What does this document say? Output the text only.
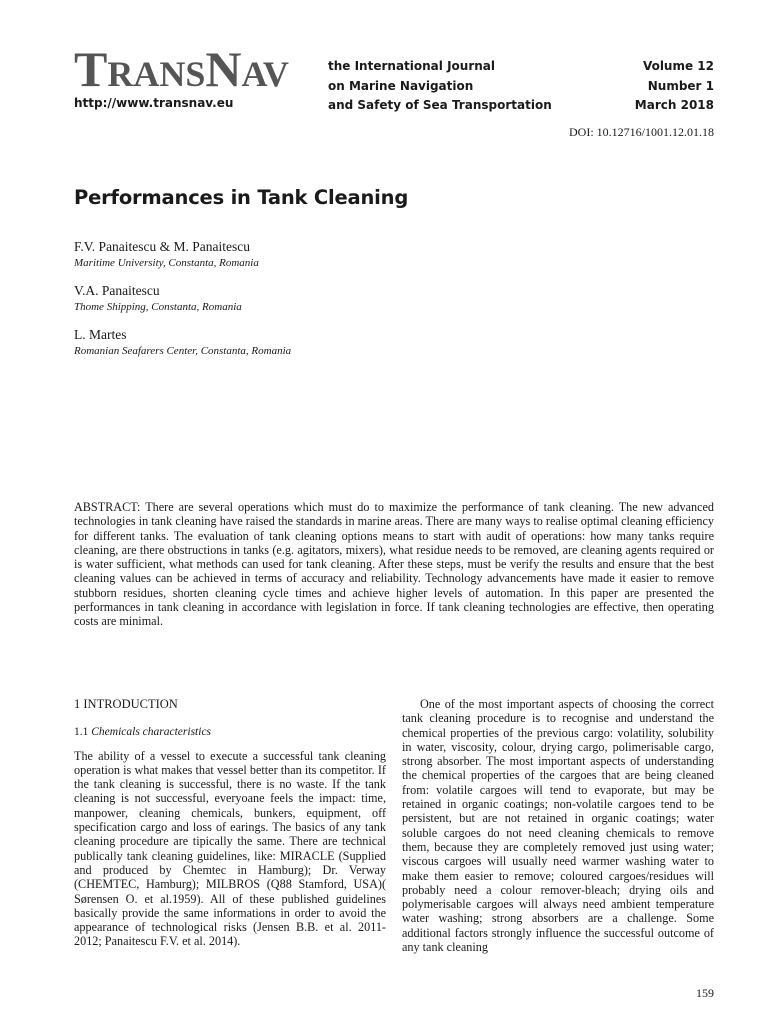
TRANSNAV
http://www.transnav.eu
the International Journal
on Marine Navigation
and Safety of Sea Transportation
Volume 12
Number 1
March 2018
DOI: 10.12716/1001.12.01.18
Performances in Tank Cleaning
F.V. Panaitescu & M. Panaitescu
Maritime University, Constanta, Romania
V.A. Panaitescu
Thome Shipping, Constanta, Romania
L. Martes
Romanian Seafarers Center, Constanta, Romania
ABSTRACT: There are several operations which must do to maximize the performance of tank cleaning. The new advanced technologies in tank cleaning have raised the standards in marine areas. There are many ways to realise optimal cleaning efficiency for different tanks. The evaluation of tank cleaning options means to start with audit of operations: how many tanks require cleaning, are there obstructions in tanks (e.g. agitators, mixers), what residue needs to be removed, are cleaning agents required or is water sufficient, what methods can used for tank cleaning. After these steps, must be verify the results and ensure that the best cleaning values can be achieved in terms of accuracy and reliability. Technology advancements have made it easier to remove stubborn residues, shorten cleaning cycle times and achieve higher levels of automation. In this paper are presented the performances in tank cleaning in accordance with legislation in force. If tank cleaning technologies are effective, then operating costs are minimal.
1 INTRODUCTION
1.1 Chemicals characteristics
The ability of a vessel to execute a successful tank cleaning operation is what makes that vessel better than its competitor. If the tank cleaning is successful, there is no waste. If the tank cleaning is not successful, everyoane feels the impact: time, manpower, cleaning chemicals, bunkers, equipment, off specification cargo and loss of earings. The basics of any tank cleaning procedure are tipically the same. There are technical publically tank cleaning guidelines, like: MIRACLE (Supplied and produced by Chemtec in Hamburg); Dr. Verway (CHEMTEC, Hamburg); MILBROS (Q88 Stamford, USA)( Sørensen O. et al.1959). All of these published guidelines basically provide the same informations in order to avoid the appearance of technological risks (Jensen B.B. et al. 2011-2012; Panaitescu F.V. et al. 2014).
One of the most important aspects of choosing the correct tank cleaning procedure is to recognise and understand the chemical properties of the previous cargo: volatility, solubility in water, viscosity, colour, drying cargo, polimerisable cargo, strong absorber. The most important aspects of understanding the chemical properties of the cargoes that are being cleaned from: volatile cargoes will tend to evaporate, but may be retained in organic coatings; non-volatile cargoes tend to be persistent, but are not retained in organic coatings; water soluble cargoes do not need cleaning chemicals to remove them, because they are completely removed just using water; viscous cargoes will usually need warmer washing water to make them easier to remove; coloured cargoes/residues will probably need a colour remover-bleach; drying oils and polymerisable cargoes will always need ambient temperature water washing; strong absorbers are a challenge. Some additional factors strongly influence the successful outcome of any tank cleaning
159
